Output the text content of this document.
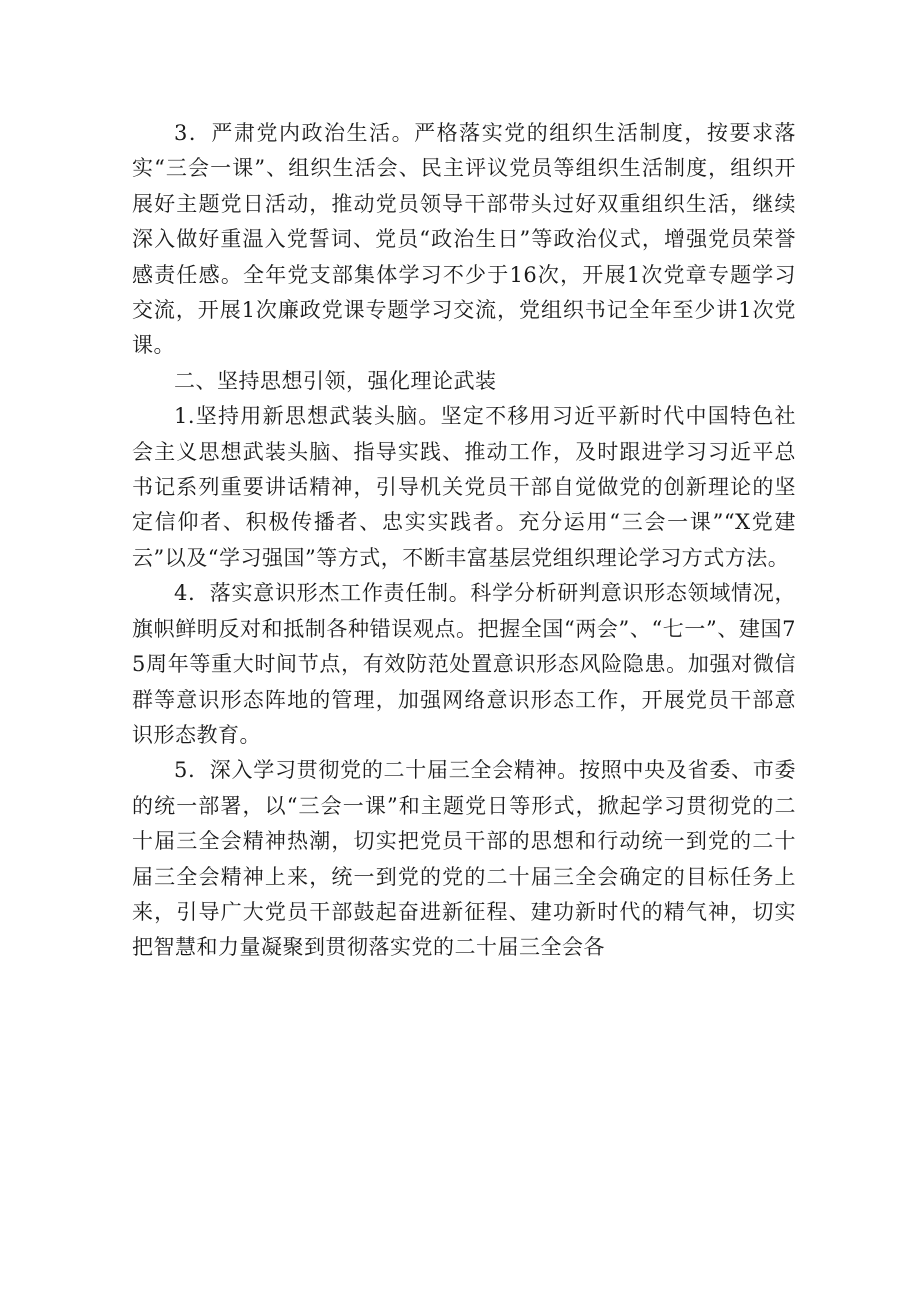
3．严肃党内政治生活。严格落实党的组织生活制度，按要求落实“三会一课”、组织生活会、民主评议党员等组织生活制度，组织开展好主题党日活动，推动党员领导干部带头过好双重组织生活，继续深入做好重温入党誓词、党员“政治生日”等政治仪式，增强党员荣誉感责任感。全年党支部集体学习不少于16次，开展1次党章专题学习交流，开展1次廉政党课专题学习交流，党组织书记全年至少讲1次党课。

二、坚持思想引领，强化理论武装

1.坚持用新思想武装头脑。坚定不移用习近平新时代中国特色社会主义思想武装头脑、指导实践、推动工作，及时跟进学习习近平总书记系列重要讲话精神，引导机关党员干部自觉做党的创新理论的坚定信仰者、积极传播者、忠实实践者。充分运用“三会一课”“X党建云”以及“学习强国”等方式，不断丰富基层党组织理论学习方式方法。

4．落实意识形杰工作责任制。科学分析研判意识形态领域情况，旗帜鲜明反对和抵制各种错误观点。把握全国“两会”、“七一”、建国75周年等重大时间节点，有效防范处置意识形态风险隐患。加强对微信群等意识形态阵地的管理，加强网络意识形态工作，开展党员干部意识形态教育。

5．深入学习贯彻党的二十届三全会精神。按照中央及省委、市委的统一部署，以“三会一课”和主题党日等形式，掀起学习贯彻党的二十届三全会精神热潮，切实把党员干部的思想和行动统一到党的二十届三全会精神上来，统一到党的党的二十届三全会确定的目标任务上来，引导广大党员干部鼓起奋进新征程、建功新时代的精气神，切实把智慧和力量凝聚到贯彻落实党的二十届三全会各
